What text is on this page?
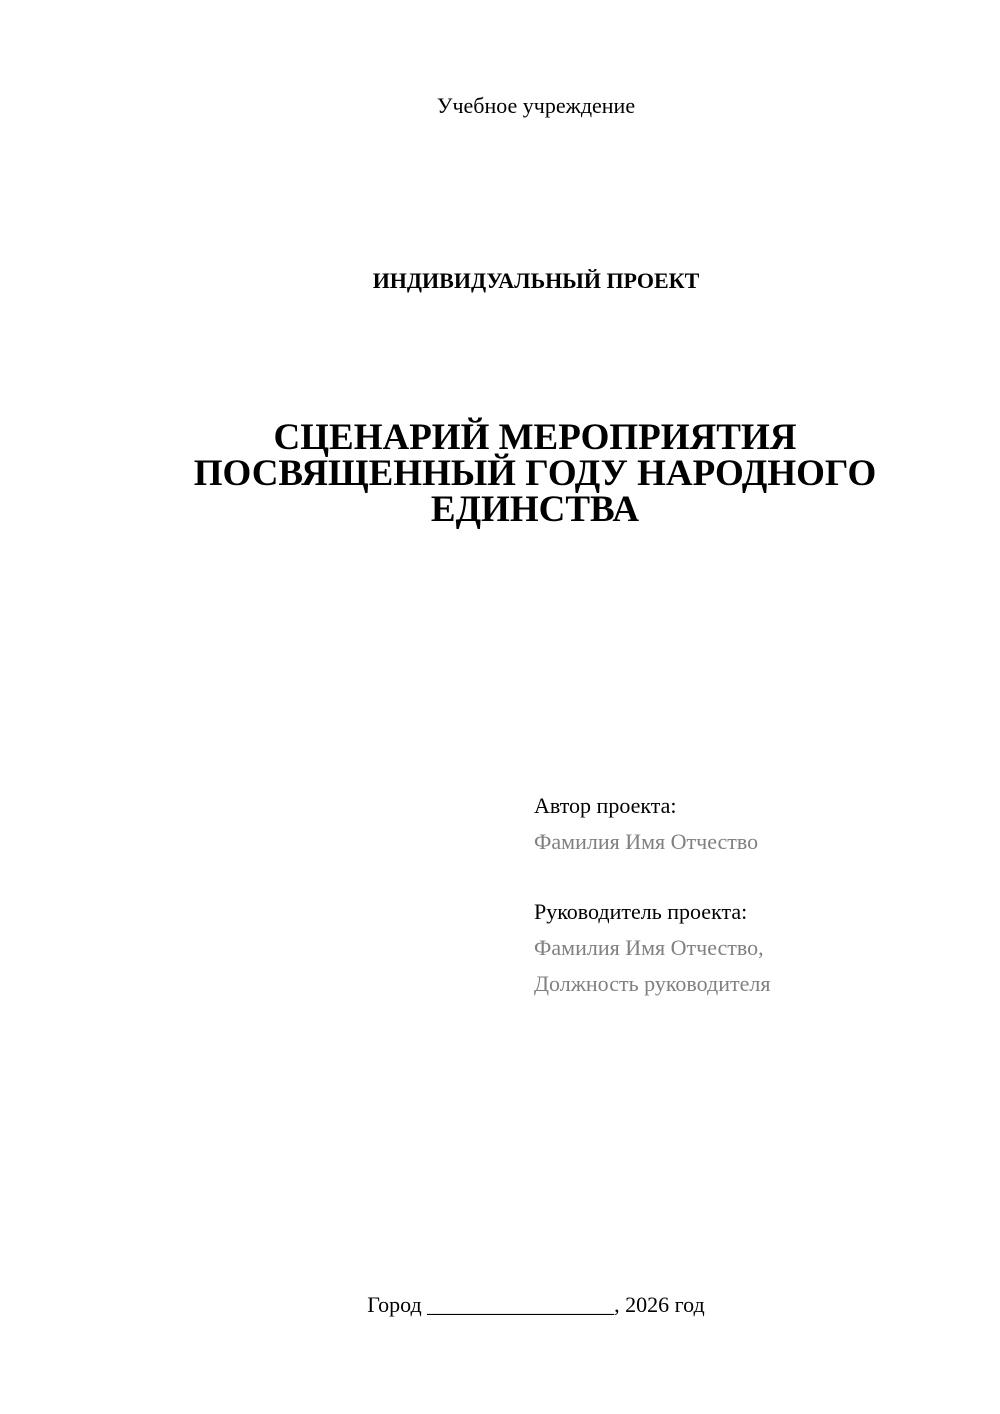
Учебное учреждение
ИНДИВИДУАЛЬНЫЙ ПРОЕКТ
СЦЕНАРИЙ МЕРОПРИЯТИЯ
ПОСВЯЩЕННЫЙ ГОДУ НАРОДНОГО
ЕДИНСТВА
Автор проекта:
Фамилия Имя Отчество
Руководитель проекта:
Фамилия Имя Отчество,
Должность руководителя
Город _________________, 2026 год
